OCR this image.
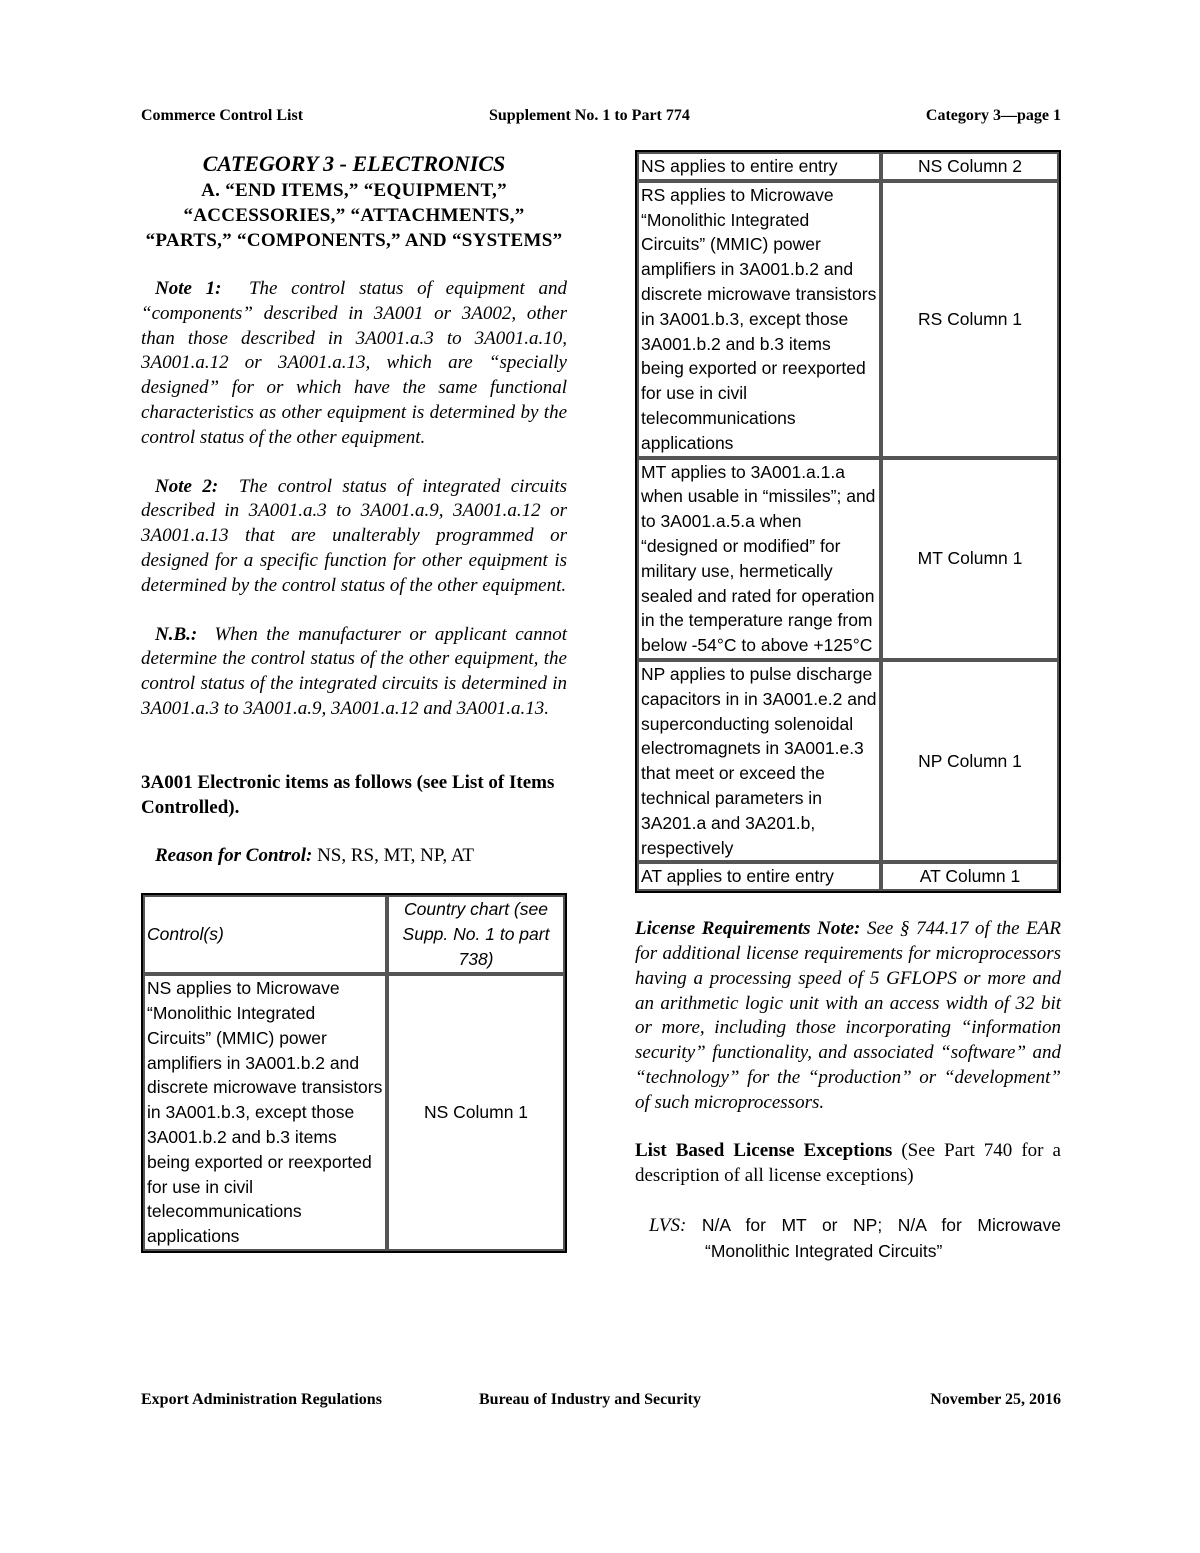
Commerce Control List	Supplement No. 1 to Part 774	Category 3—page 1

CATEGORY 3 - ELECTRONICS

A. “END ITEMS,” “EQUIPMENT,” “ACCESSORIES,” “ATTACHMENTS,” “PARTS,” “COMPONENTS,” AND “SYSTEMS”

Note 1: The control status of equipment and “components” described in 3A001 or 3A002, other than those described in 3A001.a.3 to 3A001.a.10, 3A001.a.12 or 3A001.a.13, which are “specially designed” for or which have the same functional characteristics as other equipment is determined by the control status of the other equipment.

Note 2: The control status of integrated circuits described in 3A001.a.3 to 3A001.a.9, 3A001.a.12 or 3A001.a.13 that are unalterably programmed or designed for a specific function for other equipment is determined by the control status of the other equipment.

N.B.: When the manufacturer or applicant cannot determine the control status of the other equipment, the control status of the integrated circuits is determined in 3A001.a.3 to 3A001.a.9, 3A001.a.12 and 3A001.a.13.

3A001 Electronic items as follows (see List of Items Controlled).

Reason for Control: NS, RS, MT, NP, AT

Control(s)	Country chart (see Supp. No. 1 to part 738)
NS applies to Microwave “Monolithic Integrated Circuits” (MMIC) power amplifiers in 3A001.b.2 and discrete microwave transistors in 3A001.b.3, except those 3A001.b.2 and b.3 items being exported or reexported for use in civil telecommunications applications	NS Column 1
NS applies to entire entry	NS Column 2
RS applies to Microwave “Monolithic Integrated Circuits” (MMIC) power amplifiers in 3A001.b.2 and discrete microwave transistors in 3A001.b.3, except those 3A001.b.2 and b.3 items being exported or reexported for use in civil telecommunications applications	RS Column 1
MT applies to 3A001.a.1.a when usable in “missiles”; and to 3A001.a.5.a when “designed or modified” for military use, hermetically sealed and rated for operation in the temperature range from below -54°C to above +125°C	MT Column 1
NP applies to pulse discharge capacitors in in 3A001.e.2 and superconducting solenoidal electromagnets in 3A001.e.3 that meet or exceed the technical parameters in 3A201.a and 3A201.b, respectively	NP Column 1
AT applies to entire entry	AT Column 1

License Requirements Note: See § 744.17 of the EAR for additional license requirements for microprocessors having a processing speed of 5 GFLOPS or more and an arithmetic logic unit with an access width of 32 bit or more, including those incorporating “information security” functionality, and associated “software” and “technology” for the “production” or “development” of such microprocessors.

List Based License Exceptions (See Part 740 for a description of all license exceptions)

LVS: N/A for MT or NP; N/A for Microwave “Monolithic Integrated Circuits”

Export Administration Regulations	Bureau of Industry and Security	November 25, 2016
